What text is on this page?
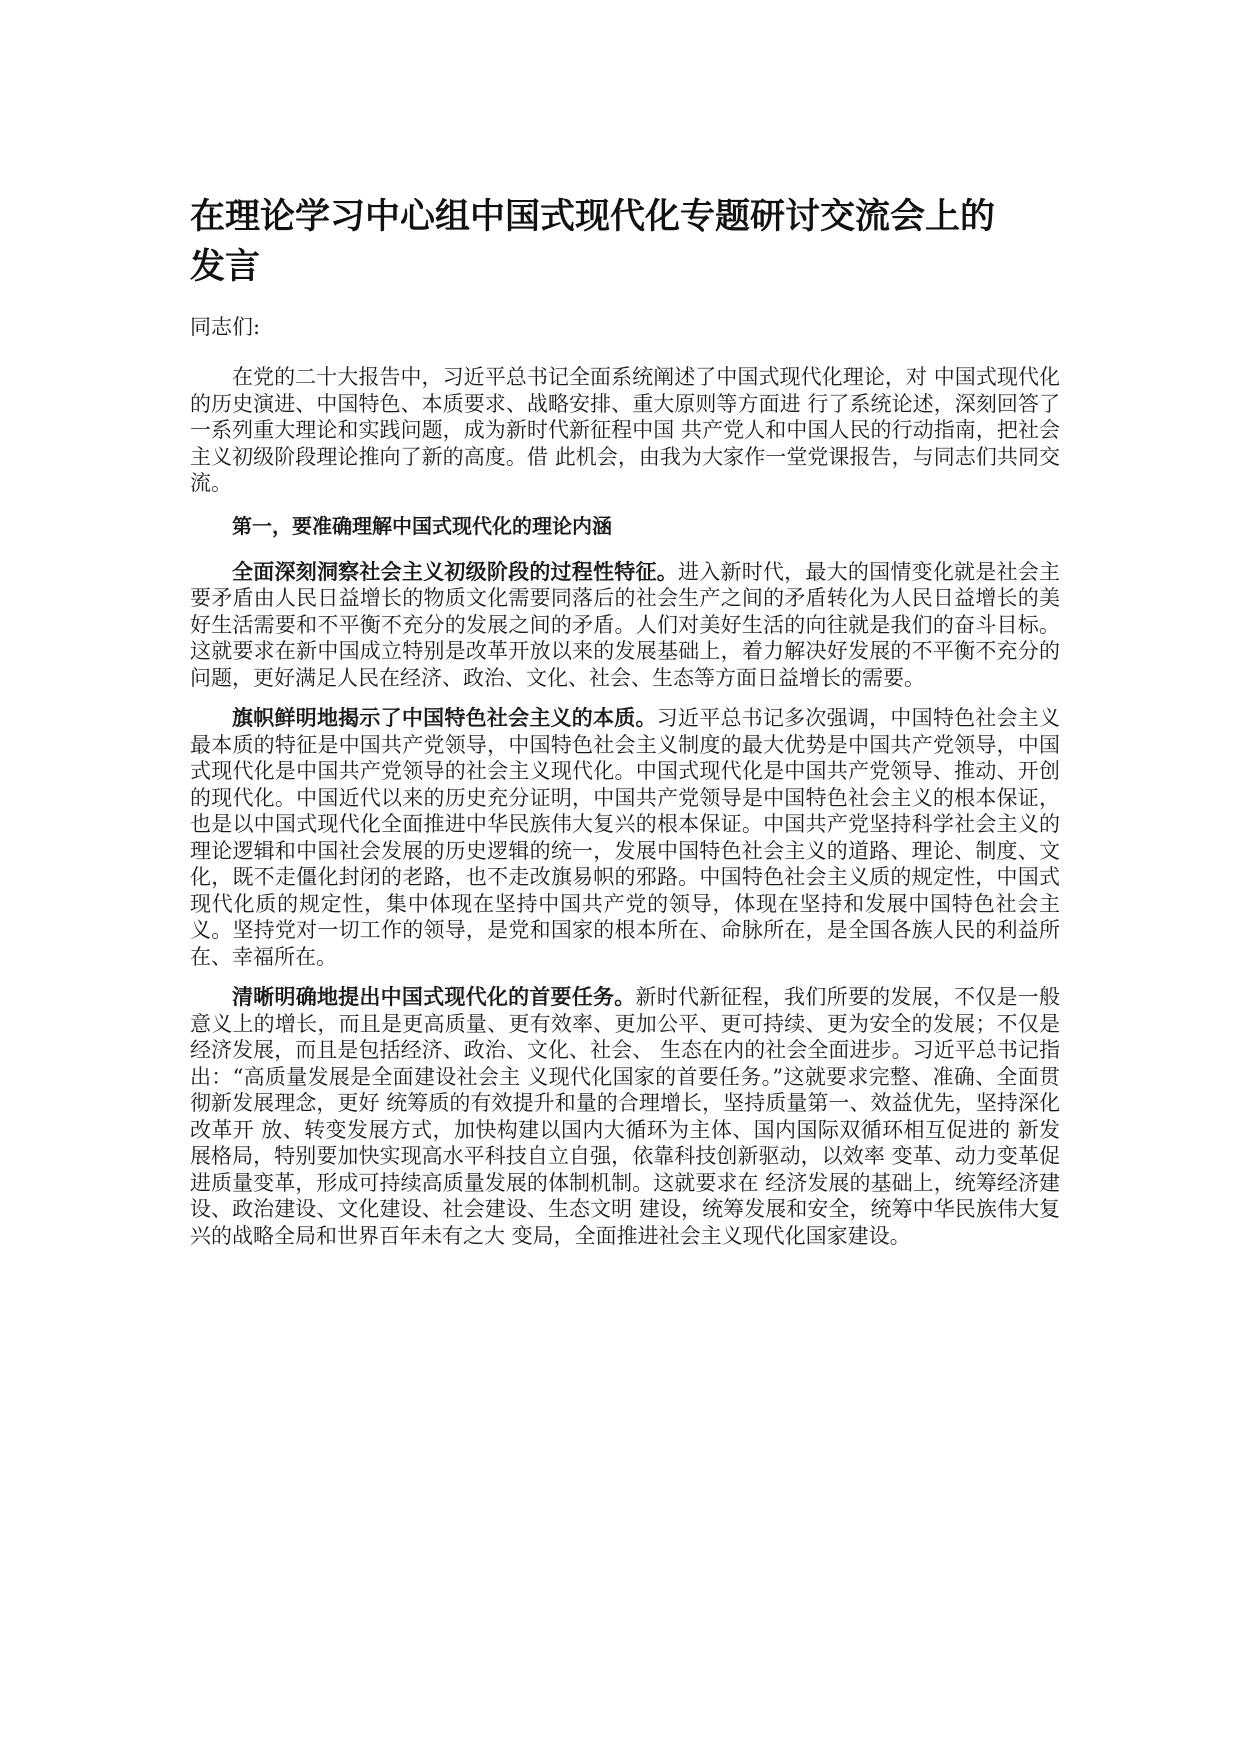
在理论学习中心组中国式现代化专题研讨交流会上的发言

同志们:

在党的二十大报告中，习近平总书记全面系统阐述了中国式现代化理论，对 中国式现代化的历史演进、中国特色、本质要求、战略安排、重大原则等方面进 行了系统论述，深刻回答了一系列重大理论和实践问题，成为新时代新征程中国 共产党人和中国人民的行动指南，把社会主义初级阶段理论推向了新的高度。借 此机会，由我为大家作一堂党课报告，与同志们共同交流。

第一，要准确理解中国式现代化的理论内涵

全面深刻洞察社会主义初级阶段的过程性特征。进入新时代，最大的国情变化就是社会主要矛盾由人民日益增长的物质文化需要同落后的社会生产之间的矛盾转化为人民日益增长的美好生活需要和不平衡不充分的发展之间的矛盾。人们对美好生活的向往就是我们的奋斗目标。这就要求在新中国成立特别是改革开放以来的发展基础上，着力解决好发展的不平衡不充分的问题，更好满足人民在经济、政治、文化、社会、生态等方面日益增长的需要。

旗帜鲜明地揭示了中国特色社会主义的本质。习近平总书记多次强调，中国特色社会主义最本质的特征是中国共产党领导，中国特色社会主义制度的最大优势是中国共产党领导，中国式现代化是中国共产党领导的社会主义现代化。中国式现代化是中国共产党领导、推动、开创的现代化。中国近代以来的历史充分证明，中国共产党领导是中国特色社会主义的根本保证，也是以中国式现代化全面推进中华民族伟大复兴的根本保证。中国共产党坚持科学社会主义的理论逻辑和中国社会发展的历史逻辑的统一，发展中国特色社会主义的道路、理论、制度、文化，既不走僵化封闭的老路，也不走改旗易帜的邪路。中国特色社会主义质的规定性，中国式现代化质的规定性，集中体现在坚持中国共产党的领导，体现在坚持和发展中国特色社会主义。坚持党对一切工作的领导，是党和国家的根本所在、命脉所在，是全国各族人民的利益所在、幸福所在。

清晰明确地提出中国式现代化的首要任务。新时代新征程，我们所要的发展，不仅是一般意义上的增长，而且是更高质量、更有效率、更加公平、更可持续、更为安全的发展；不仅是经济发展，而且是包括经济、政治、文化、社会、 生态在内的社会全面进步。习近平总书记指出：“高质量发展是全面建设社会主 义现代化国家的首要任务。”这就要求完整、准确、全面贯彻新发展理念，更好 统筹质的有效提升和量的合理增长，坚持质量第一、效益优先，坚持深化改革开 放、转变发展方式，加快构建以国内大循环为主体、国内国际双循环相互促进的 新发展格局，特别要加快实现高水平科技自立自强，依靠科技创新驱动，以效率 变革、动力变革促进质量变革，形成可持续高质量发展的体制机制。这就要求在 经济发展的基础上，统筹经济建设、政治建设、文化建设、社会建设、生态文明 建设，统筹发展和安全，统筹中华民族伟大复兴的战略全局和世界百年未有之大 变局，全面推进社会主义现代化国家建设。
